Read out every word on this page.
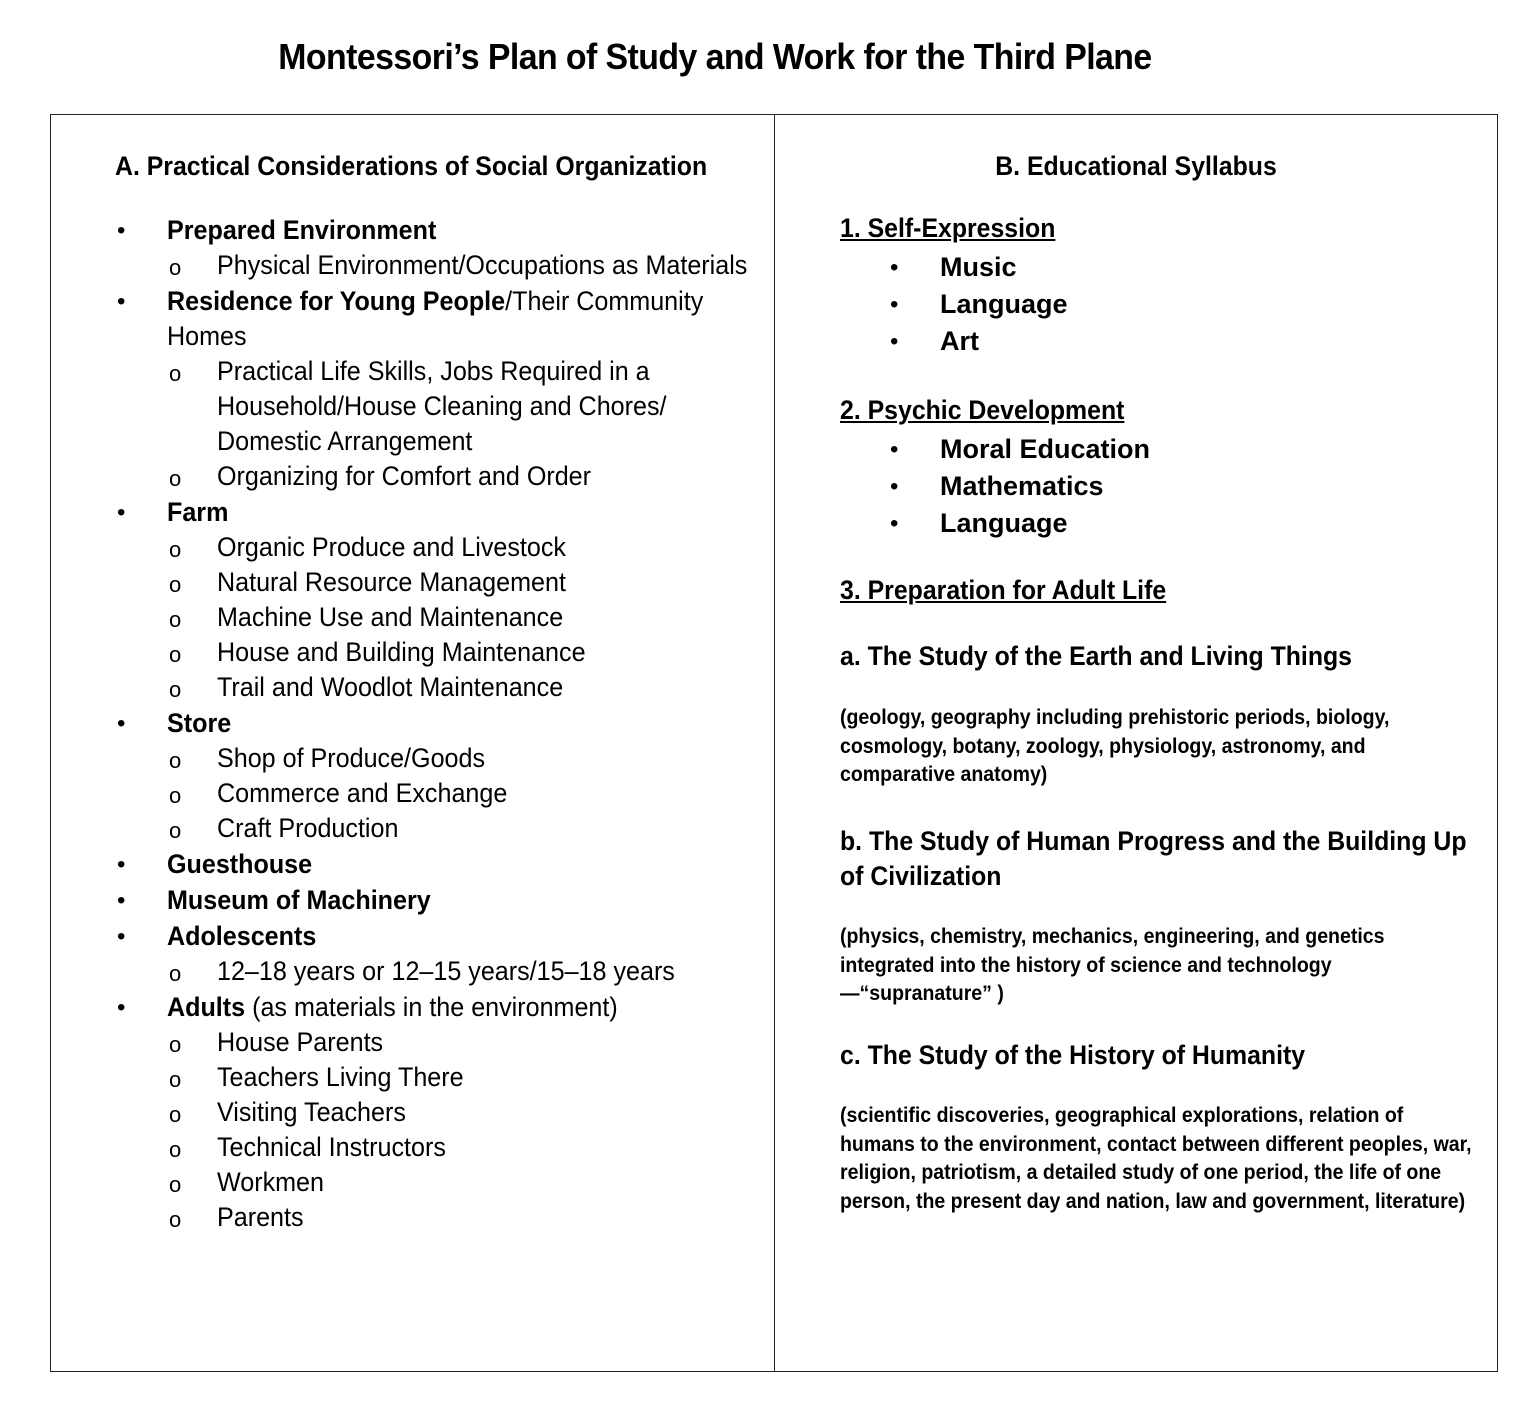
Montessori’s Plan of Study and Work for the Third Plane
A. Practical Considerations of Social Organization
• Prepared Environment
o Physical Environment/Occupations as Materials
• Residence for Young People/Their Community Homes
o Practical Life Skills, Jobs Required in a Household/House Cleaning and Chores/ Domestic Arrangement
o Organizing for Comfort and Order
• Farm
o Organic Produce and Livestock
o Natural Resource Management
o Machine Use and Maintenance
o House and Building Maintenance
o Trail and Woodlot Maintenance
• Store
o Shop of Produce/Goods
o Commerce and Exchange
o Craft Production
• Guesthouse
• Museum of Machinery
• Adolescents
o 12–18 years or 12–15 years/15–18 years
• Adults (as materials in the environment)
o House Parents
o Teachers Living There
o Visiting Teachers
o Technical Instructors
o Workmen
o Parents
B. Educational Syllabus
1. Self-Expression
• Music
• Language
• Art
2. Psychic Development
• Moral Education
• Mathematics
• Language
3. Preparation for Adult Life
a. The Study of the Earth and Living Things
(geology, geography including prehistoric periods, biology, cosmology, botany, zoology, physiology, astronomy, and comparative anatomy)
b. The Study of Human Progress and the Building Up of Civilization
(physics, chemistry, mechanics, engineering, and genetics integrated into the history of science and technology—“supranature” )
c. The Study of the History of Humanity
(scientific discoveries, geographical explorations, relation of humans to the environment, contact between different peoples, war, religion, patriotism, a detailed study of one period, the life of one person, the present day and nation, law and government, literature)
